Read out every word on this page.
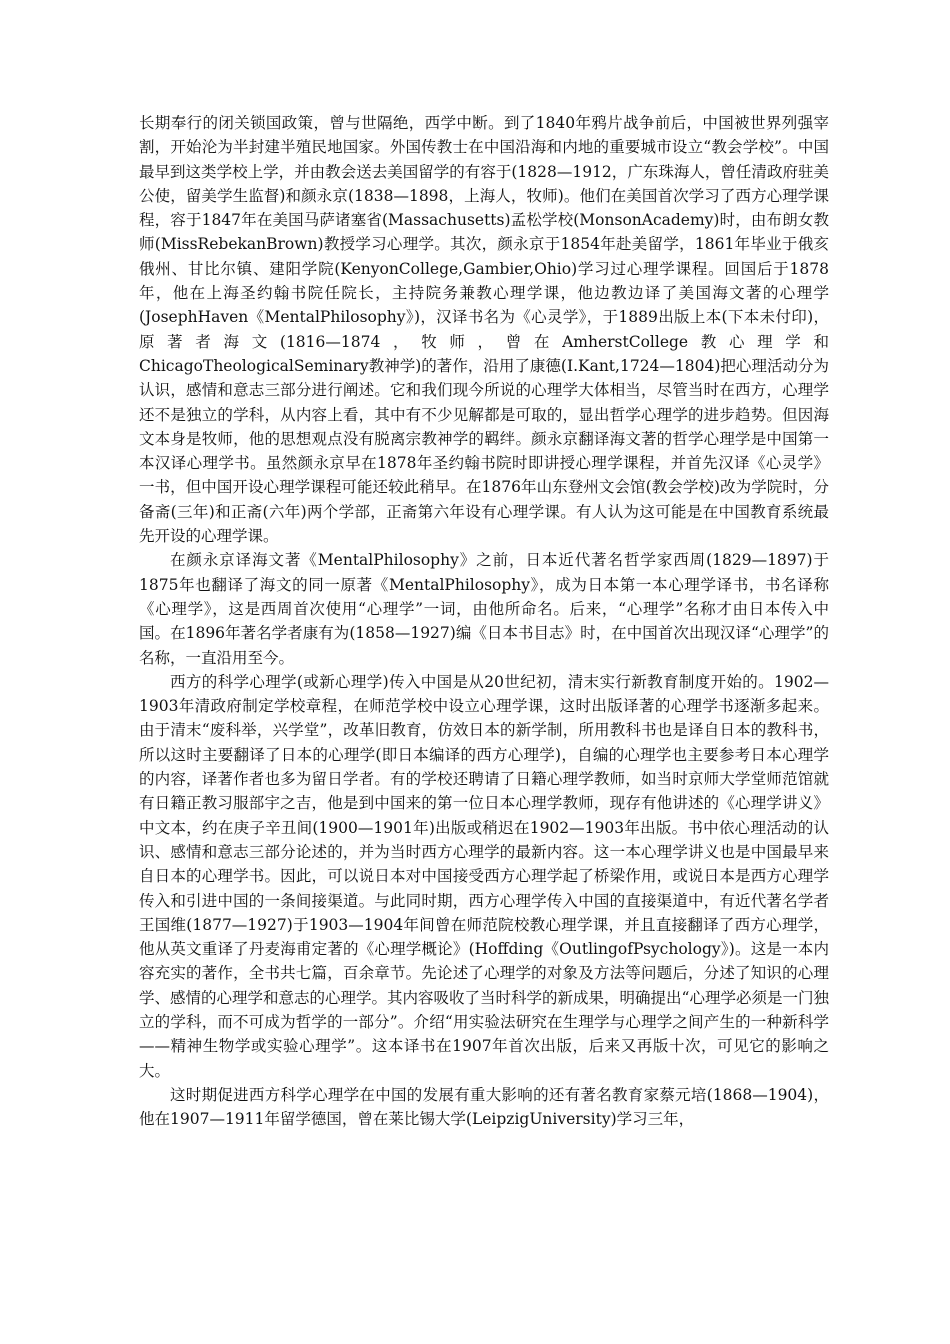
长期奉行的闭关锁国政策，曾与世隔绝，西学中断。到了1840年鸦片战争前后，中国被世界列强宰割，开始沦为半封建半殖民地国家。外国传教士在中国沿海和内地的重要城市设立“教会学校”。中国最早到这类学校上学，并由教会送去美国留学的有容于(1828—1912，广东珠海人，曾任清政府驻美公使，留美学生监督)和颜永京(1838—1898，上海人，牧师)。他们在美国首次学习了西方心理学课程，容于1847年在美国马萨诸塞省(Massachusetts)孟松学校(MonsonAcademy)时，由布朗女教师(MissRebekanBrown)教授学习心理学。其次，颜永京于1854年赴美留学，1861年毕业于俄亥俄州、甘比尔镇、建阳学院(KenyonCollege,Gambier,Ohio)学习过心理学课程。回国后于1878年，他在上海圣约翰书院任院长，主持院务兼教心理学课，他边教边译了美国海文著的心理学(JosephHaven《MentalPhilosophy》)，汉译书名为《心灵学》，于1889出版上本(下本未付印)，原著者海文(1816—1874，牧师，曾在AmherstCollege教心理学和ChicagoTheologicalSeminary教神学)的著作，沿用了康德(I.Kant,1724—1804)把心理活动分为认识，感情和意志三部分进行阐述。它和我们现今所说的心理学大体相当，尽管当时在西方，心理学还不是独立的学科，从内容上看，其中有不少见解都是可取的，显出哲学心理学的进步趋势。但因海文本身是牧师，他的思想观点没有脱离宗教神学的羁绊。颜永京翻译海文著的哲学心理学是中国第一本汉译心理学书。虽然颜永京早在1878年圣约翰书院时即讲授心理学课程，并首先汉译《心灵学》一书，但中国开设心理学课程可能还较此稍早。在1876年山东登州文会馆(教会学校)改为学院时，分备斋(三年)和正斋(六年)两个学部，正斋第六年设有心理学课。有人认为这可能是在中国教育系统最先开设的心理学课。

在颜永京译海文著《MentalPhilosophy》之前，日本近代著名哲学家西周(1829—1897)于1875年也翻译了海文的同一原著《MentalPhilosophy》，成为日本第一本心理学译书，书名译称《心理学》，这是西周首次使用“心理学”一词，由他所命名。后来，“心理学”名称才由日本传入中国。在1896年著名学者康有为(1858—1927)编《日本书目志》时，在中国首次出现汉译“心理学”的名称，一直沿用至今。

西方的科学心理学(或新心理学)传入中国是从20世纪初，清末实行新教育制度开始的。1902—1903年清政府制定学校章程，在师范学校中设立心理学课，这时出版译著的心理学书逐渐多起来。由于清末“废科举，兴学堂”，改革旧教育，仿效日本的新学制，所用教科书也是译自日本的教科书，所以这时主要翻译了日本的心理学(即日本编译的西方心理学)，自编的心理学也主要参考日本心理学的内容，译著作者也多为留日学者。有的学校还聘请了日籍心理学教师，如当时京师大学堂师范馆就有日籍正教习服部宇之吉，他是到中国来的第一位日本心理学教师，现存有他讲述的《心理学讲义》中文本，约在庚子辛丑间(1900—1901年)出版或稍迟在1902—1903年出版。书中依心理活动的认识、感情和意志三部分论述的，并为当时西方心理学的最新内容。这一本心理学讲义也是中国最早来自日本的心理学书。因此，可以说日本对中国接受西方心理学起了桥梁作用，或说日本是西方心理学传入和引进中国的一条间接渠道。与此同时期，西方心理学传入中国的直接渠道中，有近代著名学者王国维(1877—1927)于1903—1904年间曾在师范院校教心理学课，并且直接翻译了西方心理学，他从英文重译了丹麦海甫定著的《心理学概论》(Hoffding《OutlingofPsychology》)。这是一本内容充实的著作，全书共七篇，百余章节。先论述了心理学的对象及方法等问题后，分述了知识的心理学、感情的心理学和意志的心理学。其内容吸收了当时科学的新成果，明确提出“心理学必须是一门独立的学科，而不可成为哲学的一部分”。介绍“用实验法研究在生理学与心理学之间产生的一种新科学——精神生物学或实验心理学”。这本译书在1907年首次出版，后来又再版十次，可见它的影响之大。

这时期促进西方科学心理学在中国的发展有重大影响的还有著名教育家蔡元培(1868—1904)，他在1907—1911年留学德国，曾在莱比锡大学(LeipzigUniversity)学习三年，
